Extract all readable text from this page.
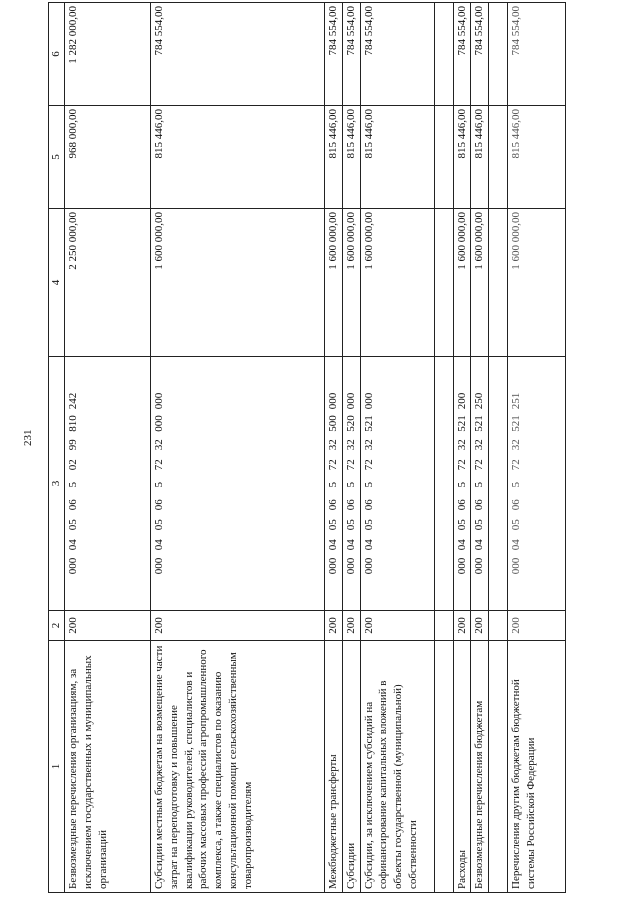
231
1	2	3	4	5	6
Безвозмездные перечисления организациям, за исключением государственных и муниципальных организаций	200	00004050650299810242	2 250 000,00	968 000,00	1 282 000,00
Субсидии местным бюджетам на возмещение части затрат на переподготовку и повышение квалификации руководителей, специалистов и рабочих массовых профессий агропромышленного комплекса, а также специалистов по оказанию консультационной помощи сельскохозяйственным товаропроизводителям	200	00004050657232000000	1 600 000,00	815 446,00	784 554,00
Межбюджетные трансферты	200	00004050657232500000	1 600 000,00	815 446,00	784 554,00
Субсидии	200	00004050657232520000	1 600 000,00	815 446,00	784 554,00
Субсидии, за исключением субсидий на софинансирование капитальных вложений в объекты государственной (муниципальной) собственности	200	00004050657232521000	1 600 000,00	815 446,00	784 554,00

Расходы	200	00004050657232521200	1 600 000,00	815 446,00	784 554,00
Безвозмездные перечисления бюджетам	200	00004050657232521250	1 600 000,00	815 446,00	784 554,00

Перечисления другим бюджетам бюджетной системы Российской Федерации	200	00004050657232521251	1 600 000,00	815 446,00	784 554,00
